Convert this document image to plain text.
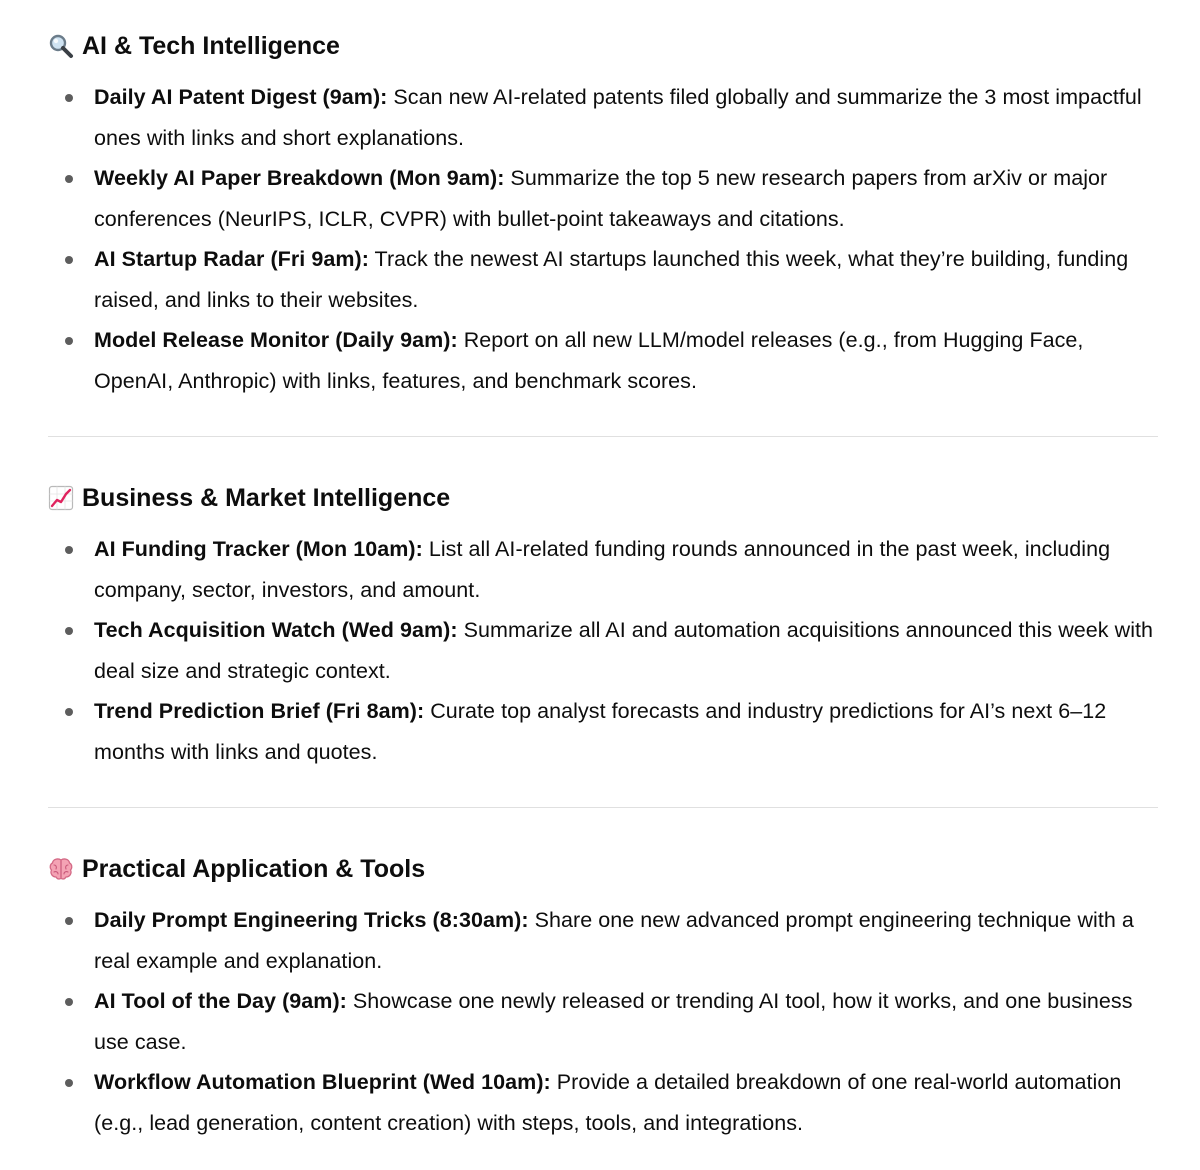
AI & Tech Intelligence
Daily AI Patent Digest (9am): Scan new AI-related patents filed globally and summarize the 3 most impactful ones with links and short explanations.
Weekly AI Paper Breakdown (Mon 9am): Summarize the top 5 new research papers from arXiv or major conferences (NeurIPS, ICLR, CVPR) with bullet-point takeaways and citations.
AI Startup Radar (Fri 9am): Track the newest AI startups launched this week, what they’re building, funding raised, and links to their websites.
Model Release Monitor (Daily 9am): Report on all new LLM/model releases (e.g., from Hugging Face, OpenAI, Anthropic) with links, features, and benchmark scores.
Business & Market Intelligence
AI Funding Tracker (Mon 10am): List all AI-related funding rounds announced in the past week, including company, sector, investors, and amount.
Tech Acquisition Watch (Wed 9am): Summarize all AI and automation acquisitions announced this week with deal size and strategic context.
Trend Prediction Brief (Fri 8am): Curate top analyst forecasts and industry predictions for AI’s next 6–12 months with links and quotes.
Practical Application & Tools
Daily Prompt Engineering Tricks (8:30am): Share one new advanced prompt engineering technique with a real example and explanation.
AI Tool of the Day (9am): Showcase one newly released or trending AI tool, how it works, and one business use case.
Workflow Automation Blueprint (Wed 10am): Provide a detailed breakdown of one real-world automation (e.g., lead generation, content creation) with steps, tools, and integrations.
